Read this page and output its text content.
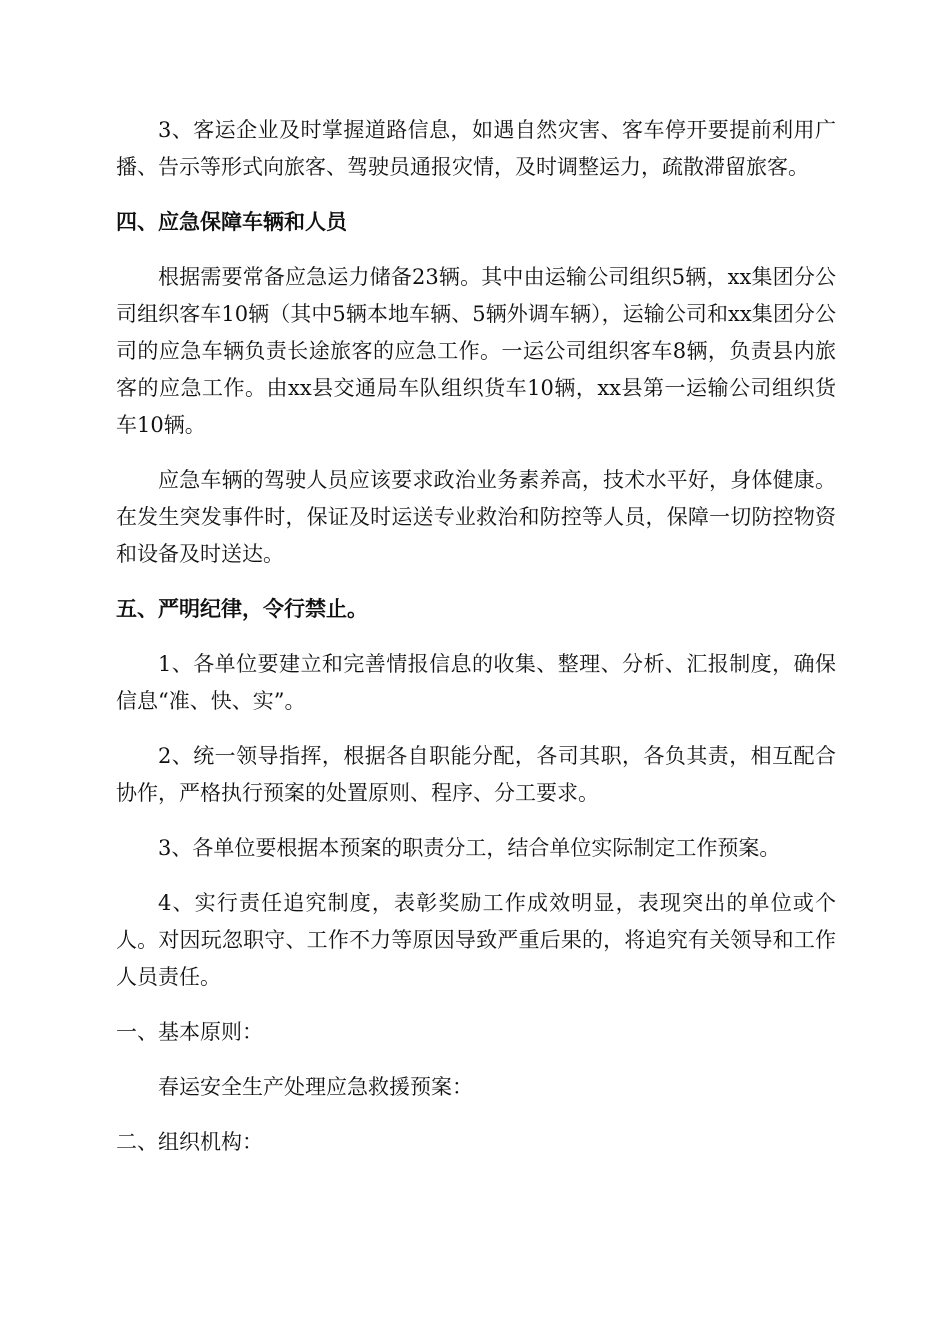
3、客运企业及时掌握道路信息，如遇自然灾害、客车停开要提前利用广播、告示等形式向旅客、驾驶员通报灾情，及时调整运力，疏散滞留旅客。

四、应急保障车辆和人员

根据需要常备应急运力储备23辆。其中由运输公司组织5辆，xx集团分公司组织客车10辆（其中5辆本地车辆、5辆外调车辆），运输公司和xx集团分公司的应急车辆负责长途旅客的应急工作。一运公司组织客车8辆，负责县内旅客的应急工作。由xx县交通局车队组织货车10辆，xx县第一运输公司组织货车10辆。

应急车辆的驾驶人员应该要求政治业务素养高，技术水平好，身体健康。在发生突发事件时，保证及时运送专业救治和防控等人员，保障一切防控物资和设备及时送达。

五、严明纪律，令行禁止。

1、各单位要建立和完善情报信息的收集、整理、分析、汇报制度，确保信息“准、快、实”。

2、统一领导指挥，根据各自职能分配，各司其职，各负其责，相互配合协作，严格执行预案的处置原则、程序、分工要求。

3、各单位要根据本预案的职责分工，结合单位实际制定工作预案。

4、实行责任追究制度，表彰奖励工作成效明显，表现突出的单位或个人。对因玩忽职守、工作不力等原因导致严重后果的，将追究有关领导和工作人员责任。

一、基本原则：

春运安全生产处理应急救援预案：

二、组织机构：
